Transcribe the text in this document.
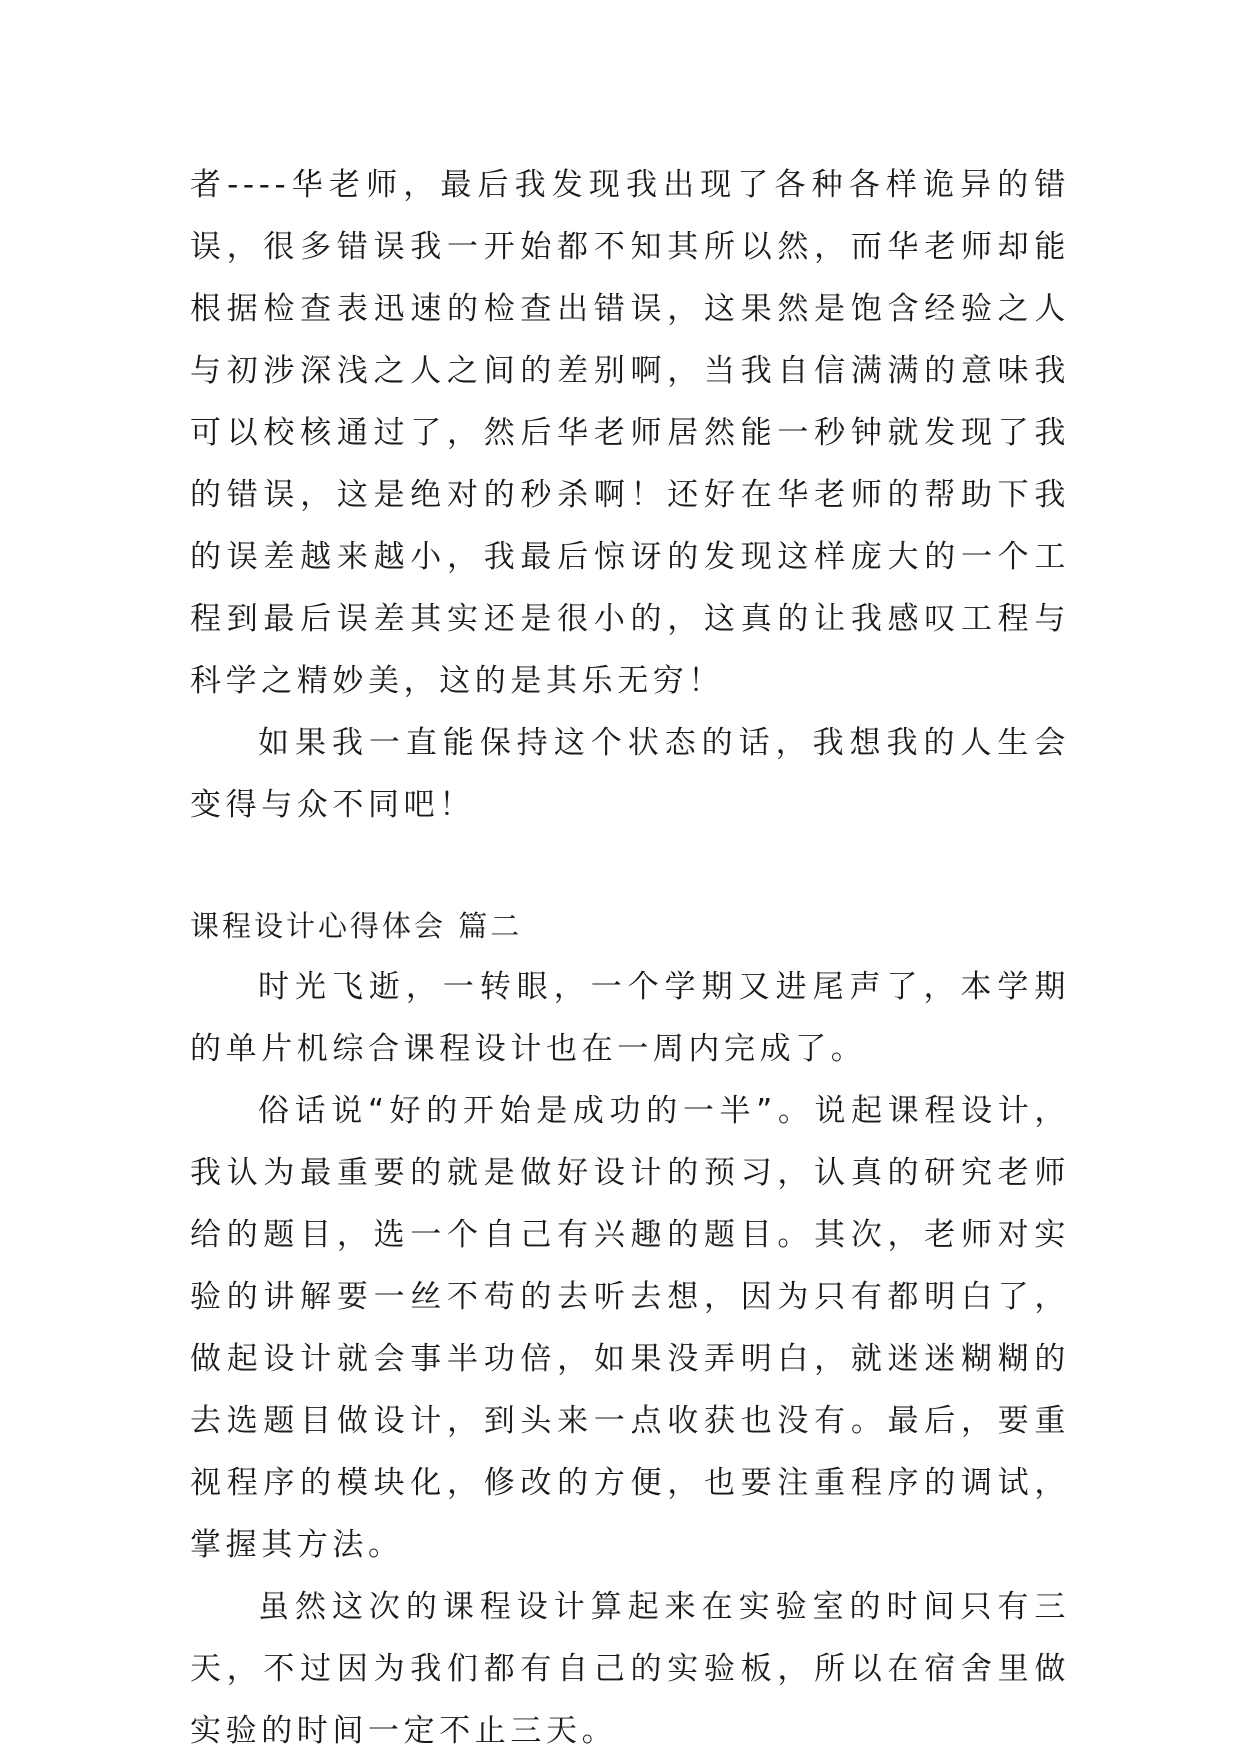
者----华老师，最后我发现我出现了各种各样诡异的错误，很多错误我一开始都不知其所以然，而华老师却能根据检查表迅速的检查出错误，这果然是饱含经验之人与初涉深浅之人之间的差别啊，当我自信满满的意味我可以校核通过了，然后华老师居然能一秒钟就发现了我的错误，这是绝对的秒杀啊！还好在华老师的帮助下我的误差越来越小，我最后惊讶的发现这样庞大的一个工程到最后误差其实还是很小的，这真的让我感叹工程与科学之精妙美，这的是其乐无穷！

如果我一直能保持这个状态的话，我想我的人生会变得与众不同吧！

课程设计心得体会 篇二

时光飞逝，一转眼，一个学期又进尾声了，本学期的单片机综合课程设计也在一周内完成了。

俗话说“好的开始是成功的一半”。说起课程设计，我认为最重要的就是做好设计的预习，认真的研究老师给的题目，选一个自己有兴趣的题目。其次，老师对实验的讲解要一丝不苟的去听去想，因为只有都明白了，做起设计就会事半功倍，如果没弄明白，就迷迷糊糊的去选题目做设计，到头来一点收获也没有。最后，要重视程序的模块化，修改的方便，也要注重程序的调试，掌握其方法。

虽然这次的课程设计算起来在实验室的时间只有三天，不过因为我们都有自己的实验板，所以在宿舍里做实验的时间一定不止三天。
